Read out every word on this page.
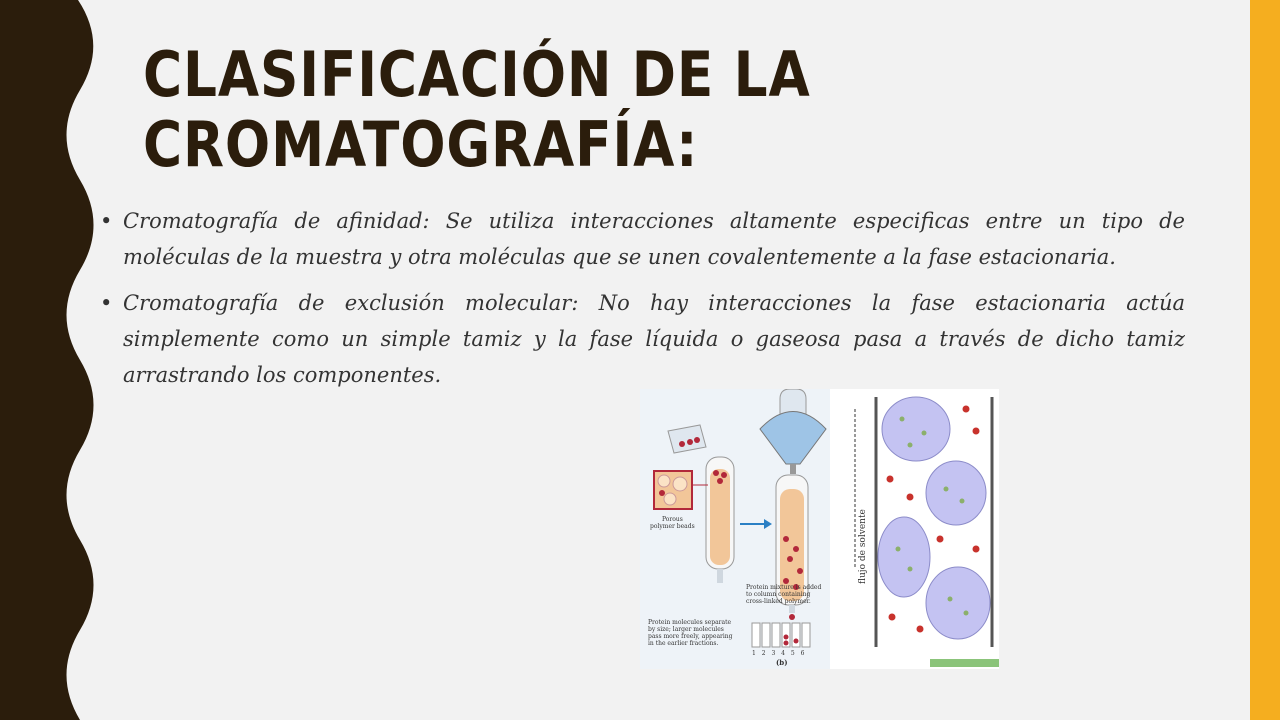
CLASIFICACIÓN DE LA
CROMATOGRAFÍA:
• Cromatografía de afinidad: Se utiliza interacciones altamente especificas entre un tipo de moléculas de la muestra y otra moléculas que se unen covalentemente a la fase estacionaria.
• Cromatografía de exclusión molecular: No hay interacciones la fase estacionaria actúa simplemente como un simple tamiz y la fase líquida o gaseosa pasa a través de dicho tamiz arrastrando los componentes.
Porous
polymer beads
Protein mixture is added
to column containing
cross-linked polymer.
Protein molecules separate
by size; larger molecules
pass more freely, appearing
in the earlier fractions.
1 2 3 4 5 6
(b)
flujo de solvente
